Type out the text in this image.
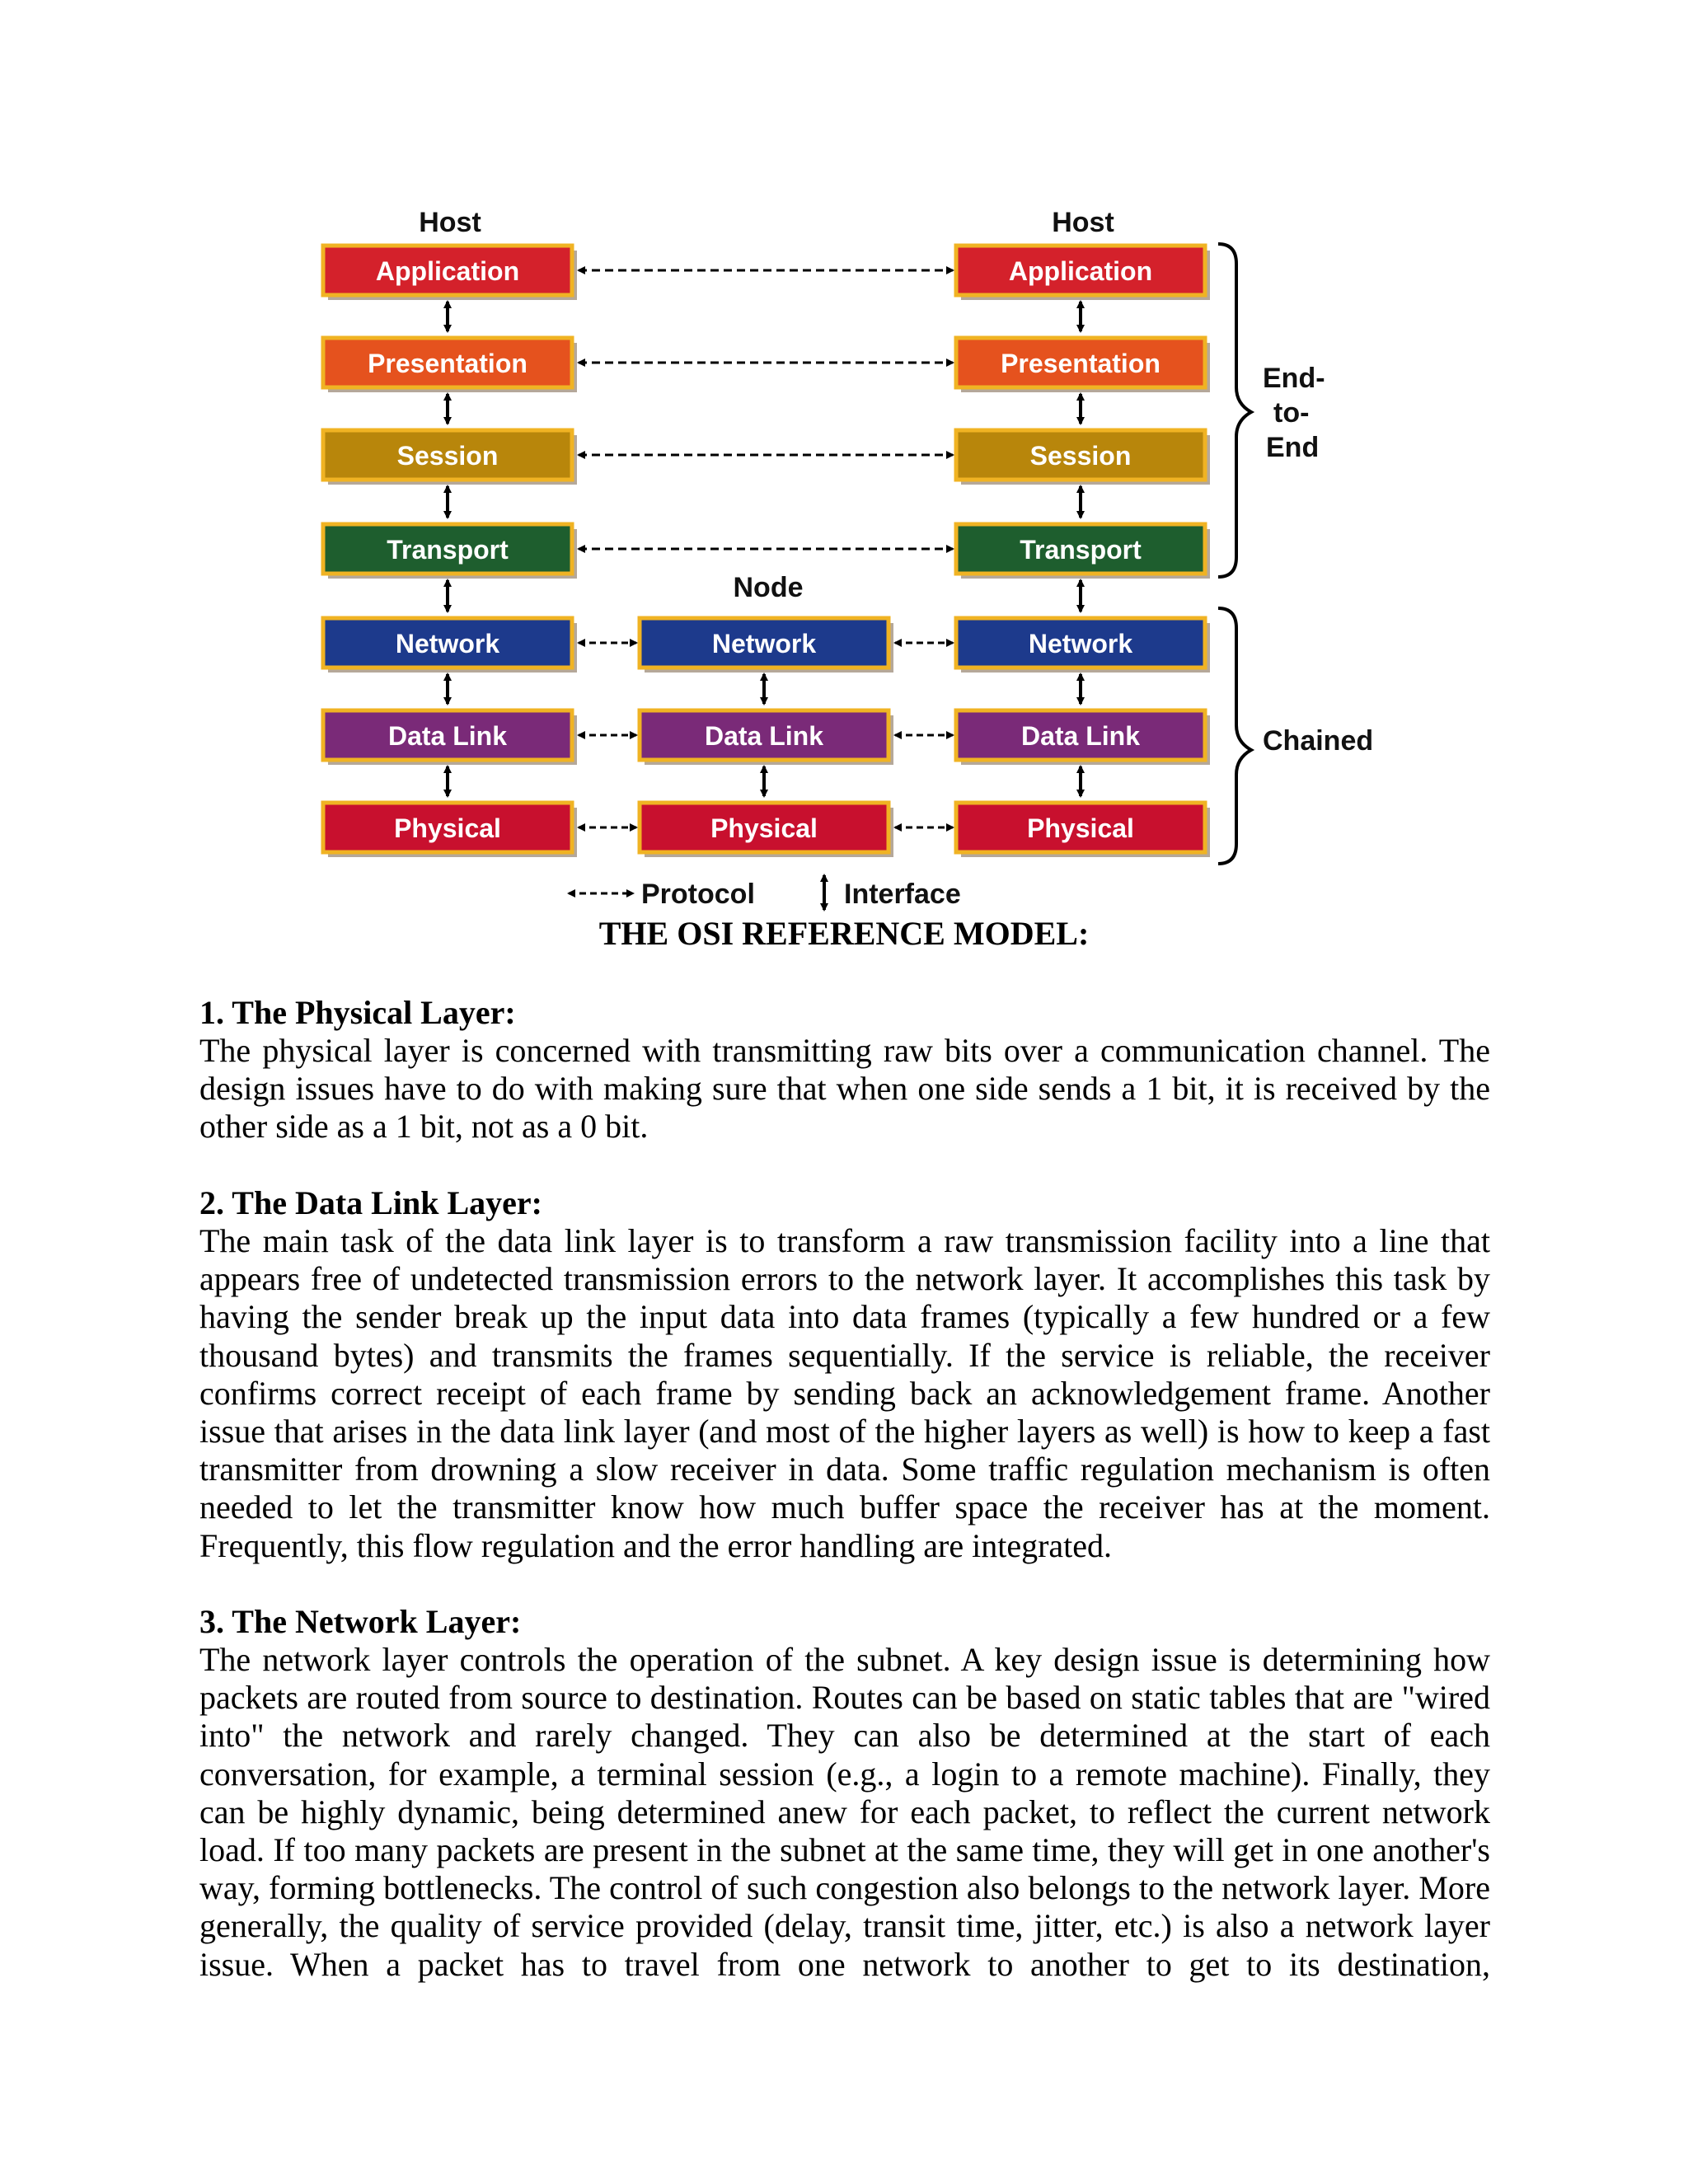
Host	Host
Node
Application	Application
Presentation	Presentation
Session	Session
Transport	Transport
Network	Network	Network
Data Link	Data Link	Data Link
Physical	Physical	Physical
End-
to-
End
Chained
Protocol	Interface
THE OSI REFERENCE MODEL:
1. The Physical Layer:

The physical layer is concerned with transmitting raw bits over a communication channel. The design issues have to do with making sure that when one side sends a 1 bit, it is received by the other side as a 1 bit, not as a 0 bit.

2. The Data Link Layer:

The main task of the data link layer is to transform a raw transmission facility into a line that appears free of undetected transmission errors to the network layer. It accomplishes this task by having the sender break up the input data into data frames (typically a few hundred or a few thousand bytes) and transmits the frames sequentially. If the service is reliable, the receiver confirms correct receipt of each frame by sending back an acknowledgement frame. Another issue that arises in the data link layer (and most of the higher layers as well) is how to keep a fast transmitter from drowning a slow receiver in data. Some traffic regulation mechanism is often needed to let the transmitter know how much buffer space the receiver has at the moment. Frequently, this flow regulation and the error handling are integrated.

3. The Network Layer:

The network layer controls the operation of the subnet. A key design issue is determining how packets are routed from source to destination. Routes can be based on static tables that are "wired into" the network and rarely changed. They can also be determined at the start of each conversation, for example, a terminal session (e.g., a login to a remote machine). Finally, they can be highly dynamic, being determined anew for each packet, to reflect the current network load. If too many packets are present in the subnet at the same time, they will get in one another's way, forming bottlenecks. The control of such congestion also belongs to the network layer. More generally, the quality of service provided (delay, transit time, jitter, etc.) is also a network layer issue. When a packet has to travel from one network to another to get to its destination,
